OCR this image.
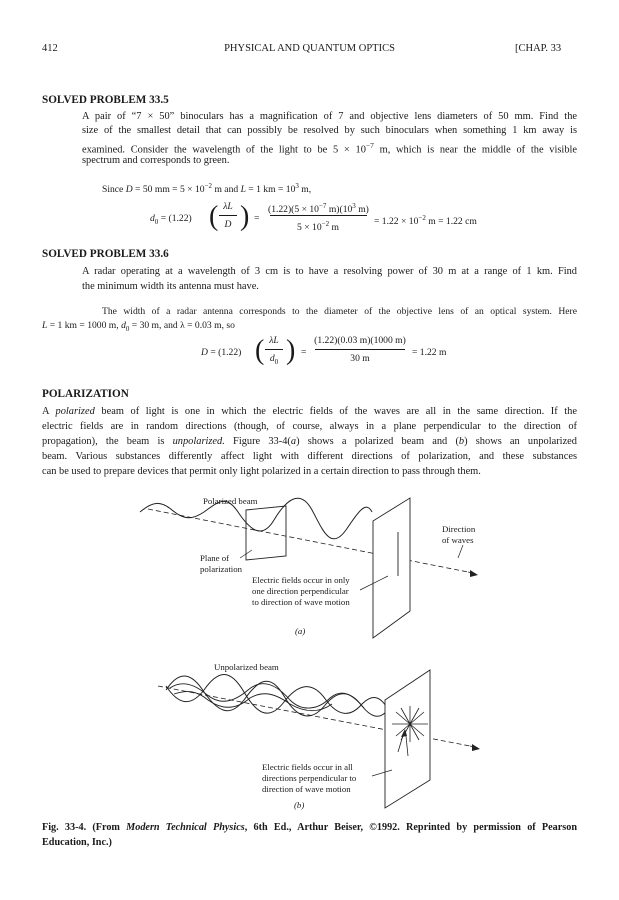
412	PHYSICAL AND QUANTUM OPTICS	[CHAP. 33
SOLVED PROBLEM 33.5
A pair of “7 × 50” binoculars has a magnification of 7 and objective lens diameters of 50 mm. Find the
size of the smallest detail that can possibly be resolved by such binoculars when something 1 km away is
examined. Consider the wavelength of the light to be $5 \times 10^{-7}$ m, which is near the middle of the visible
spectrum and corresponds to green.
Since D = 50 mm = $5 \times 10^{-2}$ m and L = 1 km = $10^3$ m,
$d_0 = (1.22)$ ( λL
D ) =
$(1.22)(5 \times 10^{-7}$ $m)(10^3$ m)
$5 \times 10^{-2}$ m
= $1.22 \times 10^{-2}$ m = 1.22 cm
SOLVED PROBLEM 33.6
A radar operating at a wavelength of 3 cm is to have a resolving power of 30 m at a range of 1 km. Find
the minimum width its antenna must have.
The width of a radar antenna corresponds to the diameter of the objective lens of an optical system. Here
L = 1 km = 1000 m, $d_0 = 30$ m, and λ = 0.03 m, so
D = (1.22) ( λL
$d_0$ ) =
(1.22)(0.03 m)(1000 m)
30 m
= 1.22 m
POLARIZATION
A polarized beam of light is one in which the electric fields of the waves are all in the same direction. If the
electric fields are in random directions (though, of course, always in a plane perpendicular to the direction of
propagation), the beam is unpolarized. Figure 33-4(a) shows a polarized beam and (b) shows an unpolarized
beam. Various substances differently affect light with different directions of polarization, and these substances
can be used to prepare devices that permit only light polarized in a certain direction to pass through them.
Polarized beam
Direction
of waves
Plane of
polarization
Electric fields occur in only
one direction perpendicular
to direction of wave motion
(a)
Unpolarized beam
Electric fields occur in all
directions perpendicular to
direction of wave motion
(b)
Fig. 33-4. (From Modern Technical Physics, 6th Ed., Arthur Beiser, ©1992. Reprinted by permission of Pearson
Education, Inc.)
